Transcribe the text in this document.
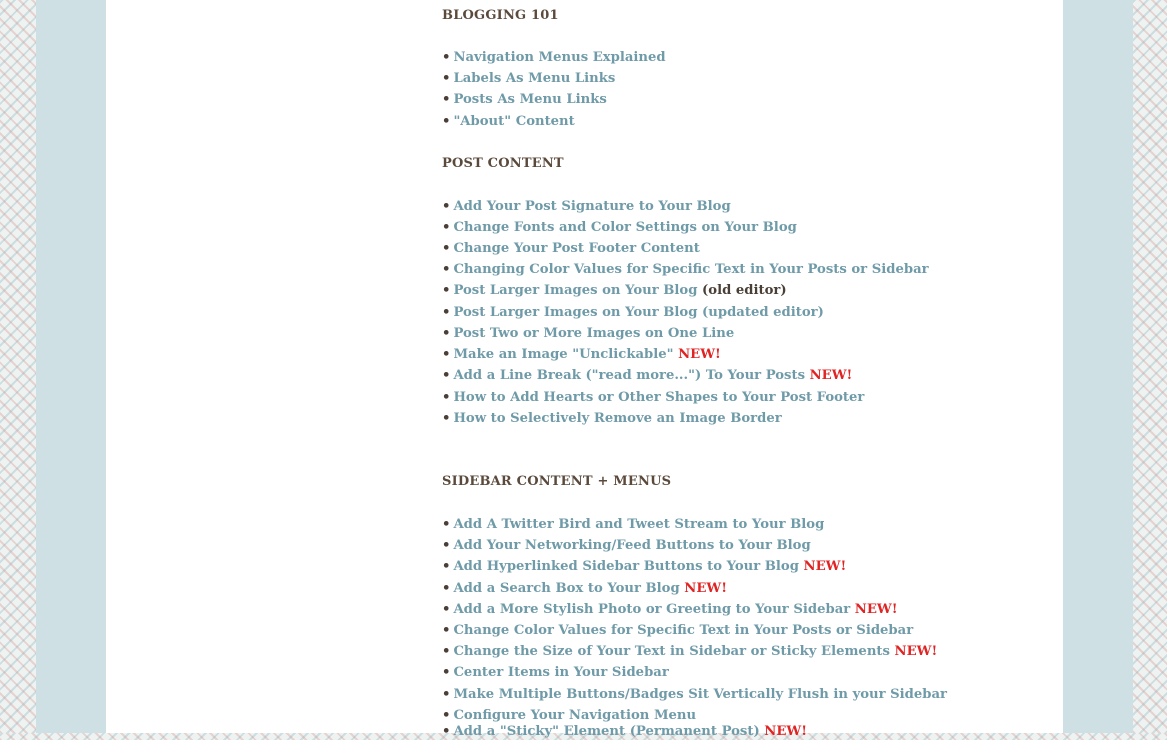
BLOGGING 101
• Navigation Menus Explained
• Labels As Menu Links
• Posts As Menu Links
• "About" Content
POST CONTENT
• Add Your Post Signature to Your Blog
• Change Fonts and Color Settings on Your Blog
• Change Your Post Footer Content
• Changing Color Values for Specific Text in Your Posts or Sidebar
• Post Larger Images on Your Blog (old editor)
• Post Larger Images on Your Blog (updated editor)
• Post Two or More Images on One Line
• Make an Image "Unclickable" NEW!
• Add a Line Break ("read more...") To Your Posts NEW!
• How to Add Hearts or Other Shapes to Your Post Footer
• How to Selectively Remove an Image Border
SIDEBAR CONTENT + MENUS
• Add A Twitter Bird and Tweet Stream to Your Blog
• Add Your Networking/Feed Buttons to Your Blog
• Add Hyperlinked Sidebar Buttons to Your Blog NEW!
• Add a Search Box to Your Blog NEW!
• Add a More Stylish Photo or Greeting to Your Sidebar NEW!
• Change Color Values for Specific Text in Your Posts or Sidebar
• Change the Size of Your Text in Sidebar or Sticky Elements NEW!
• Center Items in Your Sidebar
• Make Multiple Buttons/Badges Sit Vertically Flush in your Sidebar
• Configure Your Navigation Menu
• Add a "Sticky" Element (Permanent Post) NEW!
